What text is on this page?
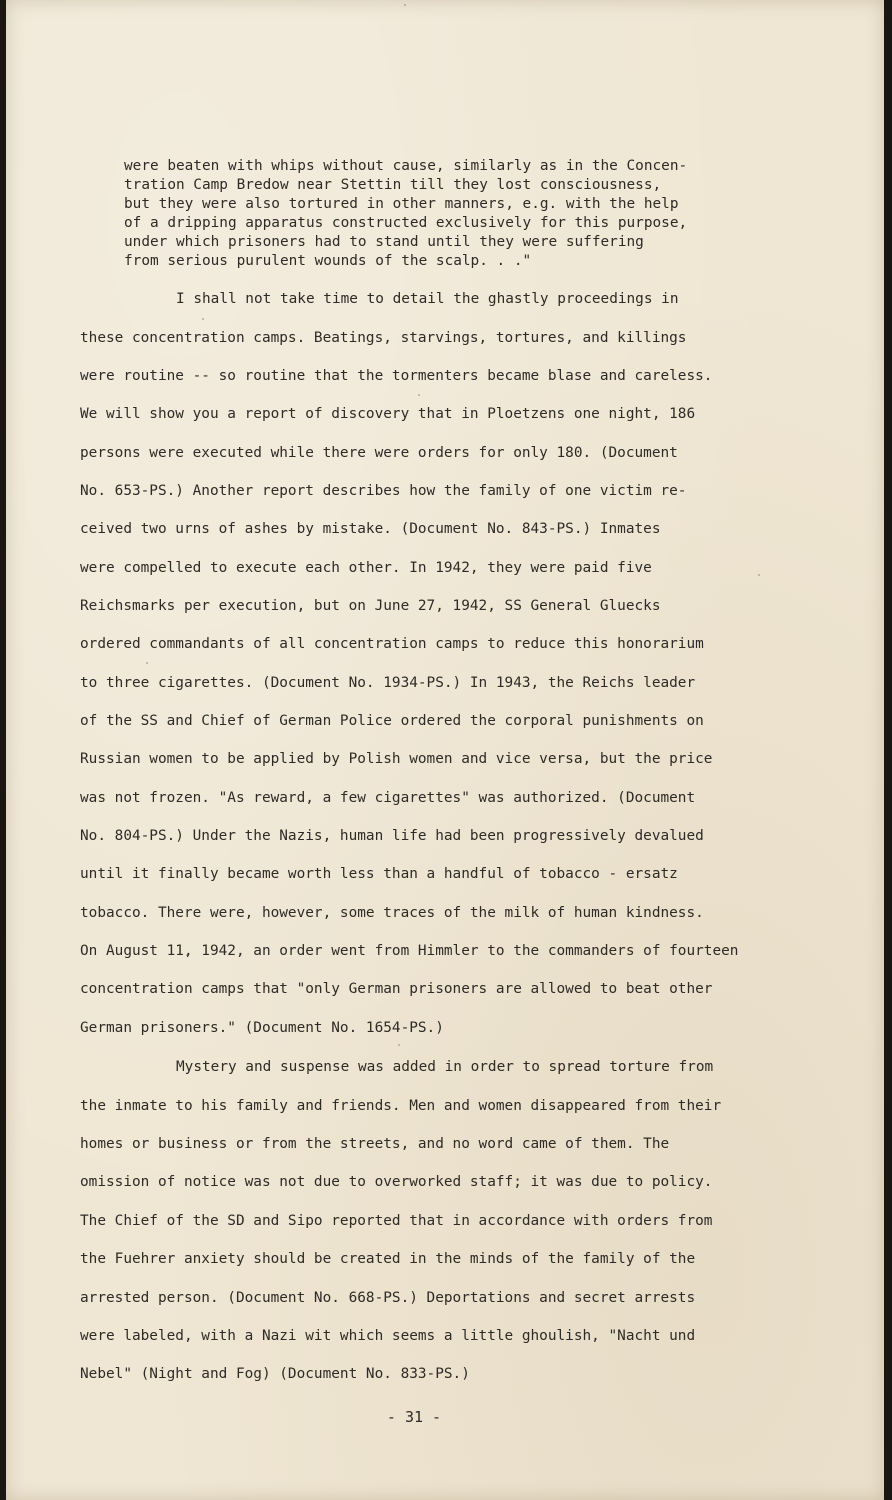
were beaten with whips without cause, similarly as in the Concen-
tration Camp Bredow near Stettin till they lost consciousness,
but they were also tortured in other manners, e.g. with the help
of a dripping apparatus constructed exclusively for this purpose,
under which prisoners had to stand until they were suffering
from serious purulent wounds of the scalp. . ."
I shall not take time to detail the ghastly proceedings in
these concentration camps. Beatings, starvings, tortures, and killings
were routine -- so routine that the tormenters became blase and careless.
We will show you a report of discovery that in Ploetzens one night, 186
persons were executed while there were orders for only 180. (Document
No. 653-PS.) Another report describes how the family of one victim re-
ceived two urns of ashes by mistake. (Document No. 843-PS.) Inmates
were compelled to execute each other. In 1942, they were paid five
Reichsmarks per execution, but on June 27, 1942, SS General Gluecks
ordered commandants of all concentration camps to reduce this honorarium
to three cigarettes. (Document No. 1934-PS.) In 1943, the Reichs leader
of the SS and Chief of German Police ordered the corporal punishments on
Russian women to be applied by Polish women and vice versa, but the price
was not frozen. "As reward, a few cigarettes" was authorized. (Document
No. 804-PS.) Under the Nazis, human life had been progressively devalued
until it finally became worth less than a handful of tobacco - ersatz
tobacco. There were, however, some traces of the milk of human kindness.
On August 11, 1942, an order went from Himmler to the commanders of fourteen
concentration camps that "only German prisoners are allowed to beat other
German prisoners." (Document No. 1654-PS.)
Mystery and suspense was added in order to spread torture from
the inmate to his family and friends. Men and women disappeared from their
homes or business or from the streets, and no word came of them. The
omission of notice was not due to overworked staff; it was due to policy.
The Chief of the SD and Sipo reported that in accordance with orders from
the Fuehrer anxiety should be created in the minds of the family of the
arrested person. (Document No. 668-PS.) Deportations and secret arrests
were labeled, with a Nazi wit which seems a little ghoulish, "Nacht und
Nebel" (Night and Fog) (Document No. 833-PS.)
- 31 -
